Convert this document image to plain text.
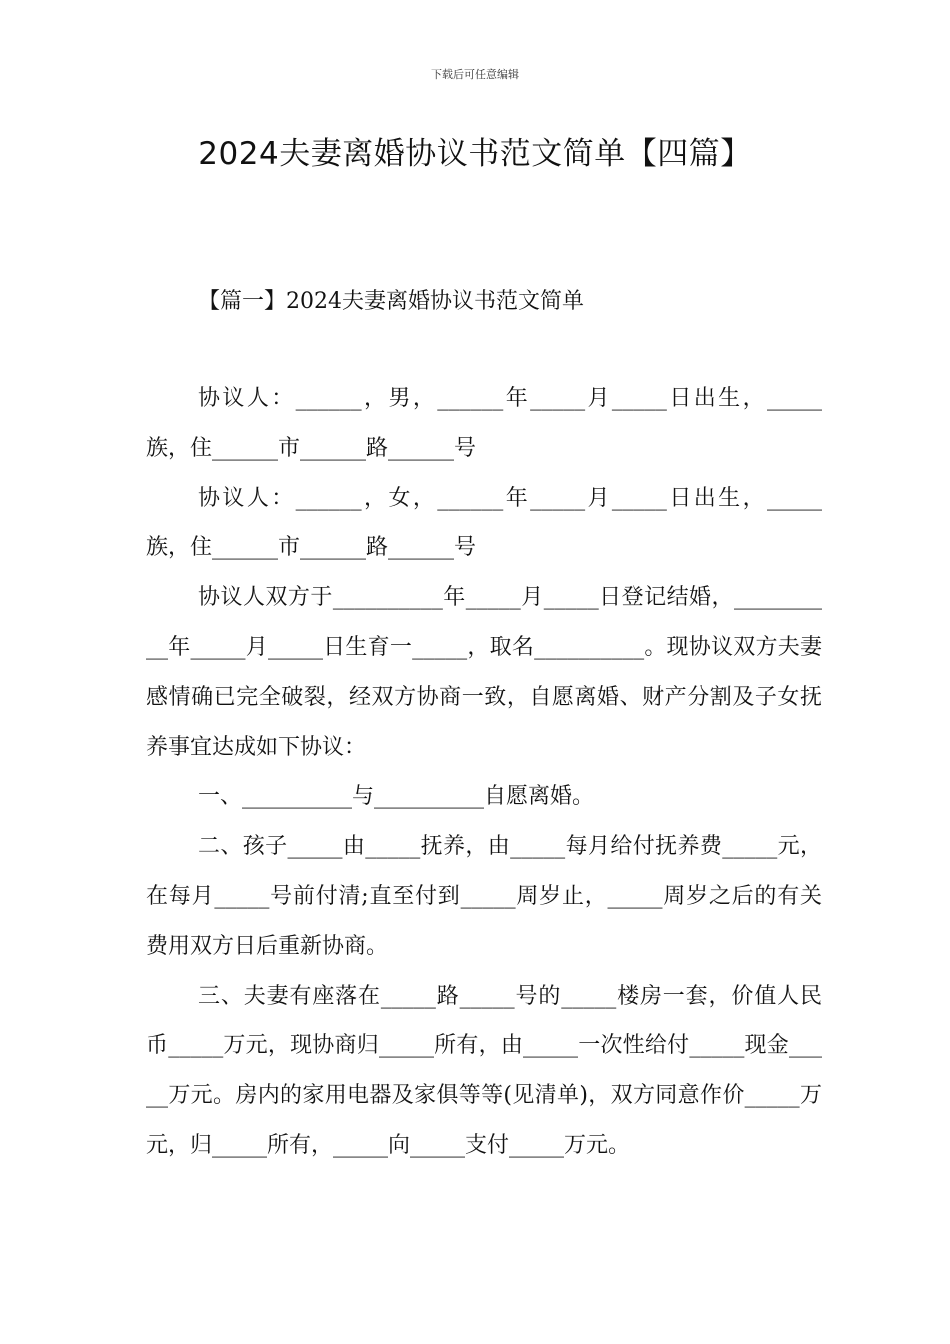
下载后可任意编辑
2024夫妻离婚协议书范文简单【四篇】
【篇一】2024夫妻离婚协议书范文简单

协议人：______，男，______年_____月_____日出生，_____族，住______市______路______号

协议人：______，女，______年_____月_____日出生，_____族，住______市______路______号

协议人双方于__________年_____月_____日登记结婚，__________年_____月_____日生育一_____，取名__________。现协议双方夫妻感情确已完全破裂，经双方协商一致，自愿离婚、财产分割及子女抚养事宜达成如下协议：

一、__________与__________自愿离婚。

二、孩子_____由_____抚养，由_____每月给付抚养费_____元，在每月_____号前付清;直至付到_____周岁止，_____周岁之后的有关费用双方日后重新协商。

三、夫妻有座落在_____路_____号的_____楼房一套，价值人民币_____万元，现协商归_____所有，由_____一次性给付_____现金_____万元。房内的家用电器及家俱等等(见清单)，双方同意作价_____万元，归_____所有，_____向_____支付_____万元。
